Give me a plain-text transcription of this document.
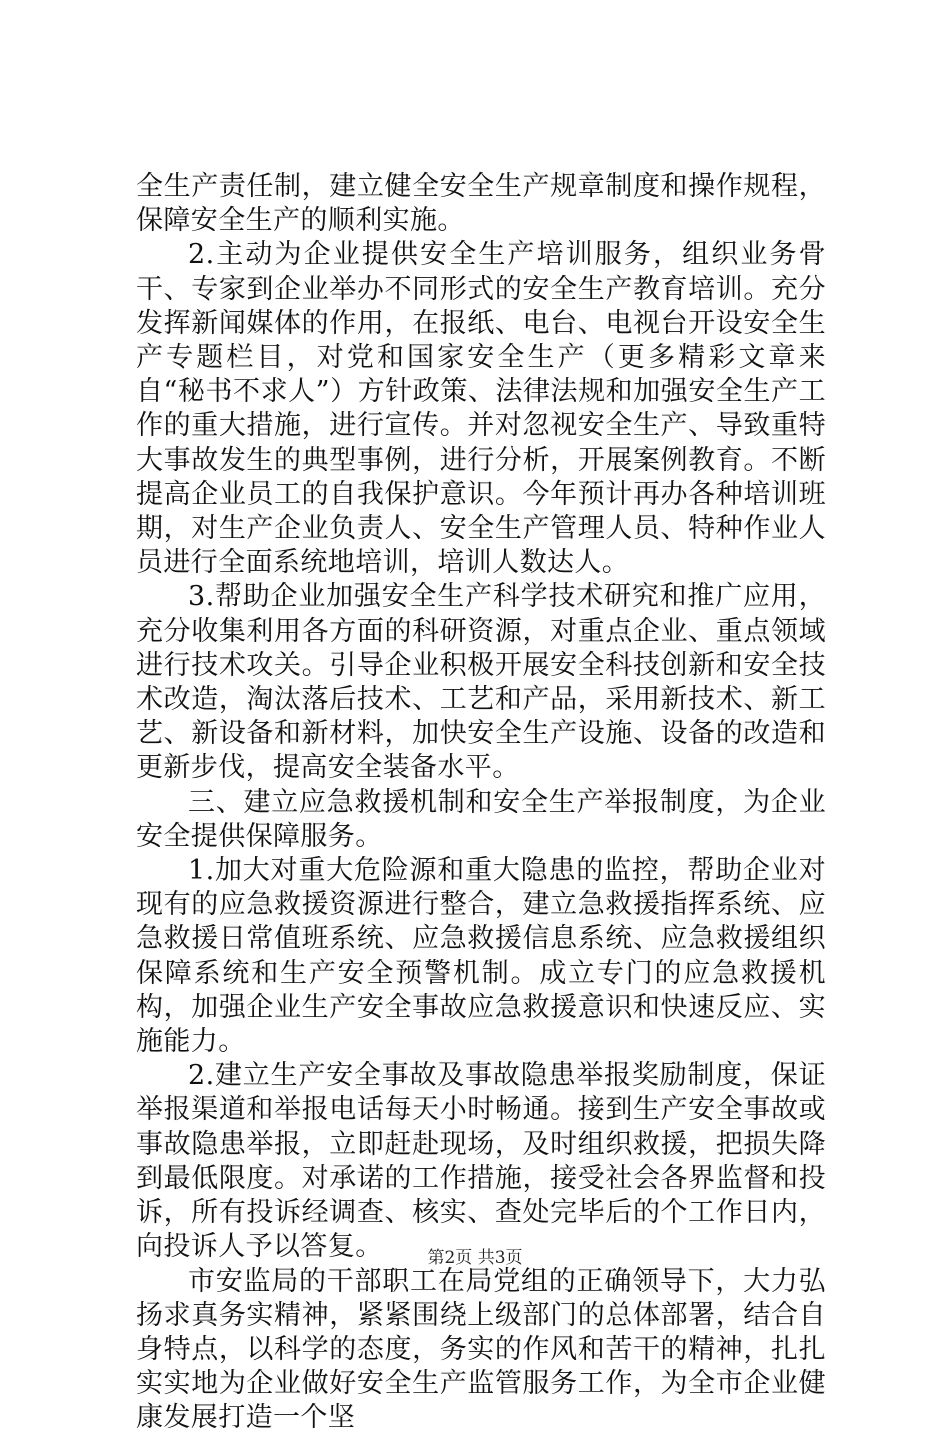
全生产责任制，建立健全安全生产规章制度和操作规程，保障安全生产的顺利实施。

2.主动为企业提供安全生产培训服务，组织业务骨干、专家到企业举办不同形式的安全生产教育培训。充分发挥新闻媒体的作用，在报纸、电台、电视台开设安全生产专题栏目，对党和国家安全生产（更多精彩文章来自“秘书不求人”）方针政策、法律法规和加强安全生产工作的重大措施，进行宣传。并对忽视安全生产、导致重特大事故发生的典型事例，进行分析，开展案例教育。不断提高企业员工的自我保护意识。今年预计再办各种培训班期，对生产企业负责人、安全生产管理人员、特种作业人员进行全面系统地培训，培训人数达人。

3.帮助企业加强安全生产科学技术研究和推广应用，充分收集利用各方面的科研资源，对重点企业、重点领域进行技术攻关。引导企业积极开展安全科技创新和安全技术改造，淘汰落后技术、工艺和产品，采用新技术、新工艺、新设备和新材料，加快安全生产设施、设备的改造和更新步伐，提高安全装备水平。

三、建立应急救援机制和安全生产举报制度，为企业安全提供保障服务。

1.加大对重大危险源和重大隐患的监控，帮助企业对现有的应急救援资源进行整合，建立急救援指挥系统、应急救援日常值班系统、应急救援信息系统、应急救援组织保障系统和生产安全预警机制。成立专门的应急救援机构，加强企业生产安全事故应急救援意识和快速反应、实施能力。

2.建立生产安全事故及事故隐患举报奖励制度，保证举报渠道和举报电话每天小时畅通。接到生产安全事故或事故隐患举报，立即赶赴现场，及时组织救援，把损失降到最低限度。对承诺的工作措施，接受社会各界监督和投诉，所有投诉经调查、核实、查处完毕后的个工作日内，向投诉人予以答复。

市安监局的干部职工在局党组的正确领导下，大力弘扬求真务实精神，紧紧围绕上级部门的总体部署，结合自身特点，以科学的态度，务实的作风和苦干的精神，扎扎实实地为企业做好安全生产监管服务工作，为全市企业健康发展打造一个坚

第2页 共3页
